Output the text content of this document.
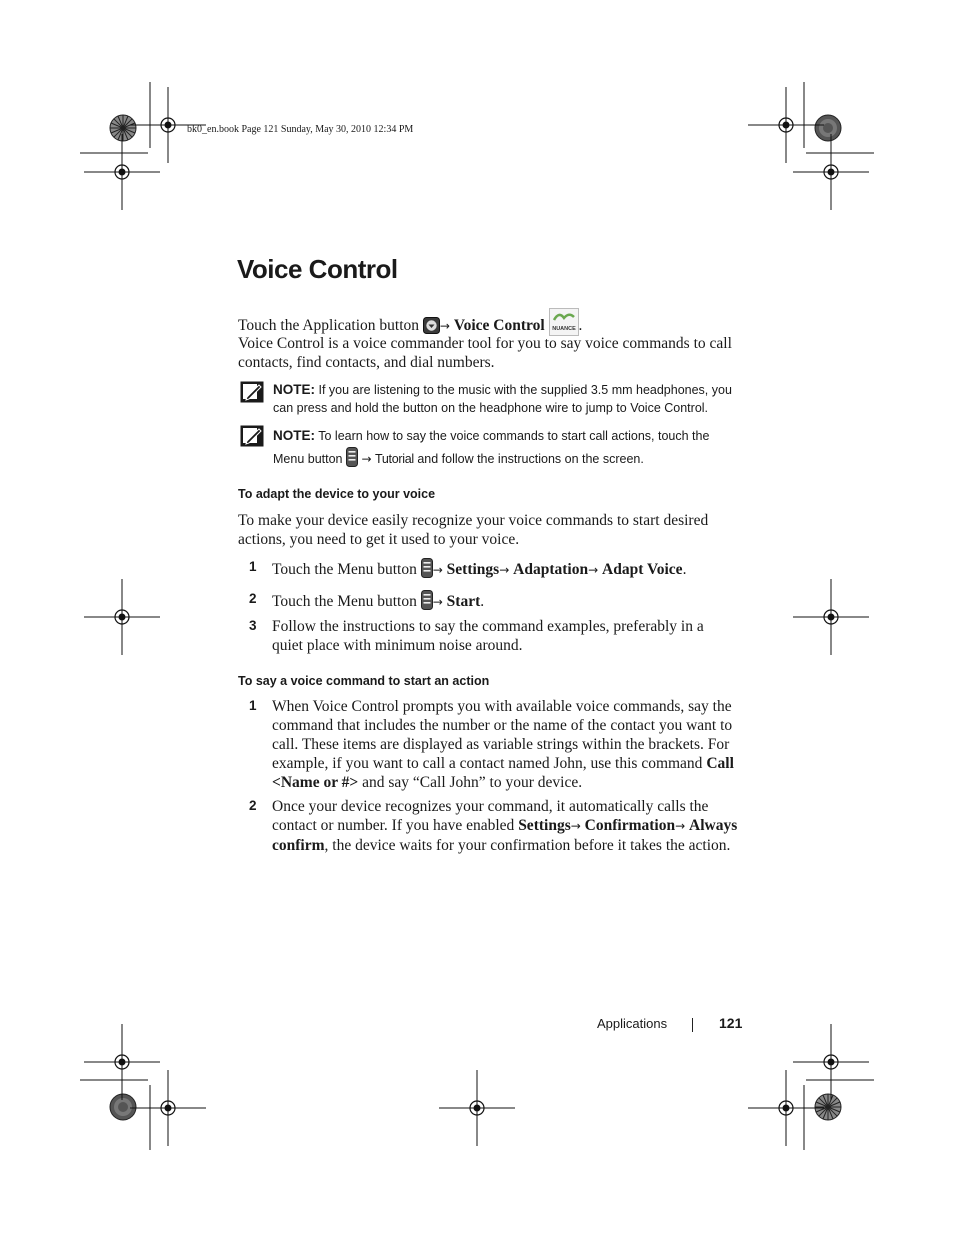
bk0_en.book Page 121 Sunday, May 30, 2010 12:34 PM
Voice Control
Touch the Application button → Voice Control NUANCE .
Voice Control is a voice commander tool for you to say voice commands to call contacts, find contacts, and dial numbers.
NOTE: If you are listening to the music with the supplied 3.5 mm headphones, you can press and hold the button on the headphone wire to jump to Voice Control.
NOTE: To learn how to say the voice commands to start call actions, touch the Menu button → Tutorial and follow the instructions on the screen.
To adapt the device to your voice
To make your device easily recognize your voice commands to start desired actions, you need to get it used to your voice.
1 Touch the Menu button → Settings→ Adaptation→ Adapt Voice.
2 Touch the Menu button → Start.
3 Follow the instructions to say the command examples, preferably in a quiet place with minimum noise around.
To say a voice command to start an action
1 When Voice Control prompts you with available voice commands, say the command that includes the number or the name of the contact you want to call. These items are displayed as variable strings within the brackets. For example, if you want to call a contact named John, use this command Call <Name or #> and say “Call John” to your device.
2 Once your device recognizes your command, it automatically calls the contact or number. If you have enabled Settings→ Confirmation→ Always confirm, the device waits for your confirmation before it takes the action.
Applications	121
